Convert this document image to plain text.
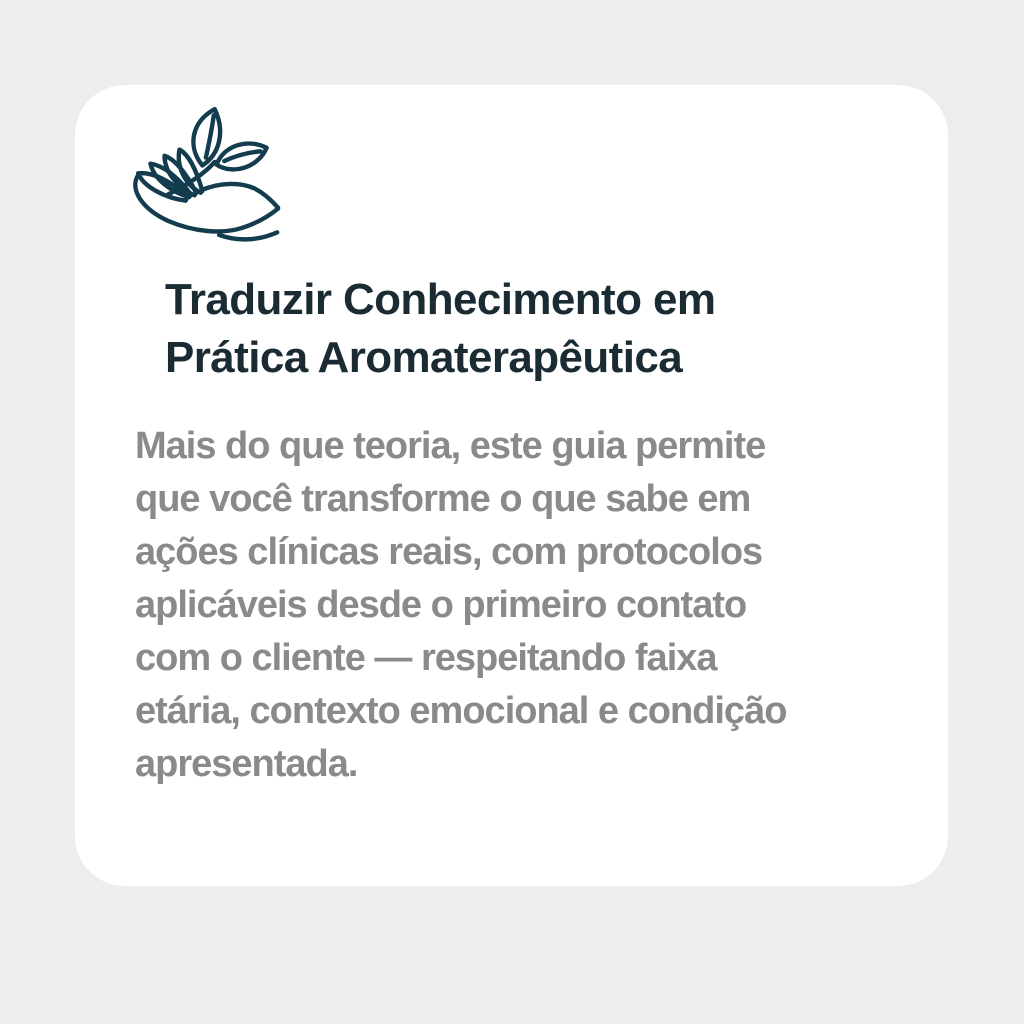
Traduzir Conhecimento em
Prática Aromaterapêutica
Mais do que teoria, este guia permite
que você transforme o que sabe em
ações clínicas reais, com protocolos
aplicáveis desde o primeiro contato
com o cliente — respeitando faixa
etária, contexto emocional e condição
apresentada.
